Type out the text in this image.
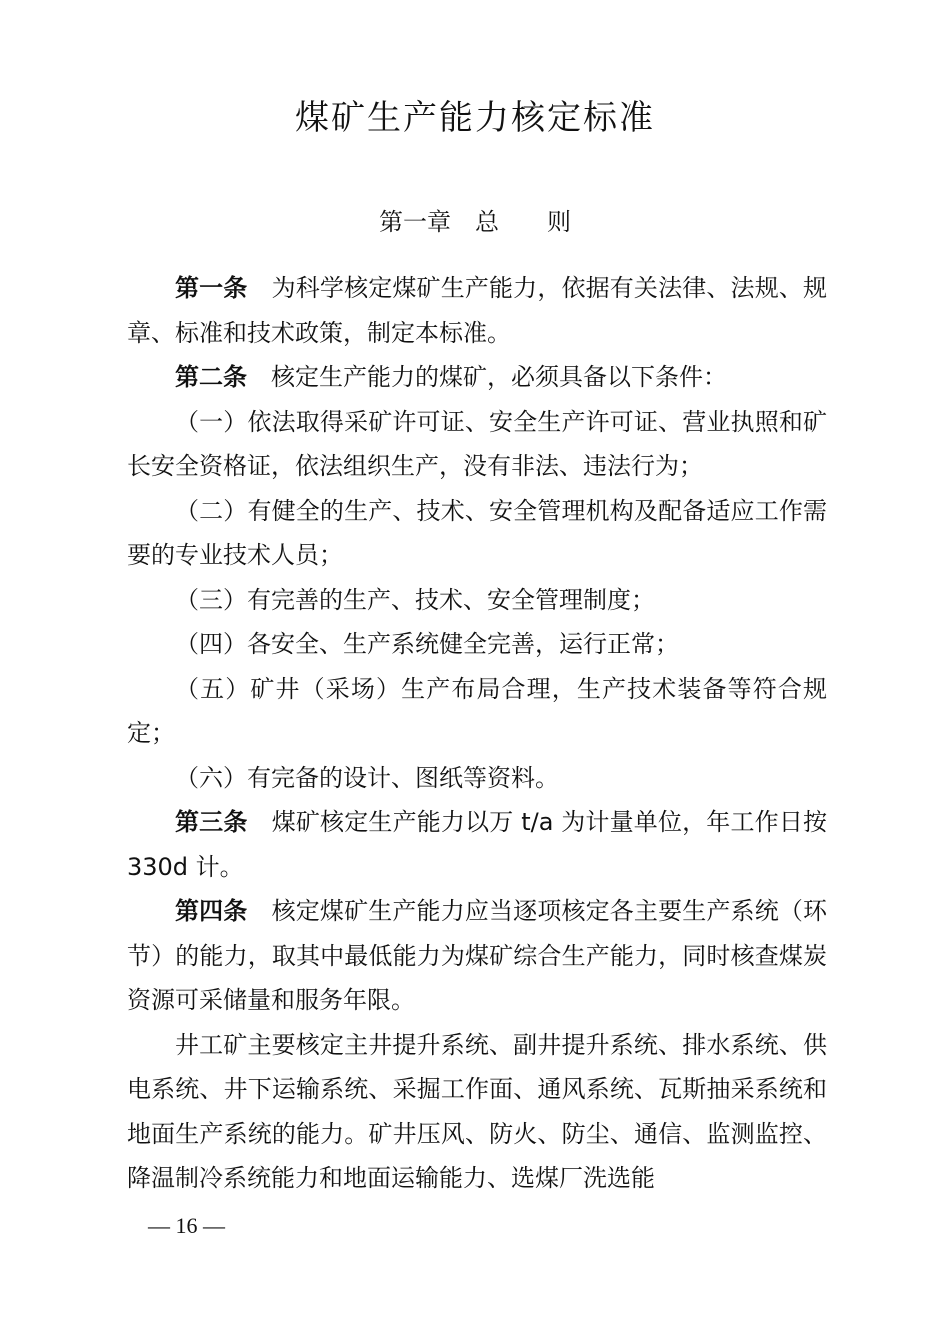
煤矿生产能力核定标准
第一章　总　　则

第一条 为科学核定煤矿生产能力，依据有关法律、法规、规章、标准和技术政策，制定本标准。

第二条 核定生产能力的煤矿，必须具备以下条件：

（一）依法取得采矿许可证、安全生产许可证、营业执照和矿长安全资格证，依法组织生产，没有非法、违法行为；

（二）有健全的生产、技术、安全管理机构及配备适应工作需要的专业技术人员；

（三）有完善的生产、技术、安全管理制度；

（四）各安全、生产系统健全完善，运行正常；

（五）矿井（采场）生产布局合理，生产技术装备等符合规定；

（六）有完备的设计、图纸等资料。

第三条 煤矿核定生产能力以万 t/a 为计量单位，年工作日按 330d 计。

第四条 核定煤矿生产能力应当逐项核定各主要生产系统（环节）的能力，取其中最低能力为煤矿综合生产能力，同时核查煤炭资源可采储量和服务年限。

井工矿主要核定主井提升系统、副井提升系统、排水系统、供电系统、井下运输系统、采掘工作面、通风系统、瓦斯抽采系统和地面生产系统的能力。矿井压风、防火、防尘、通信、监测监控、降温制冷系统能力和地面运输能力、选煤厂洗选能

— 16 —
